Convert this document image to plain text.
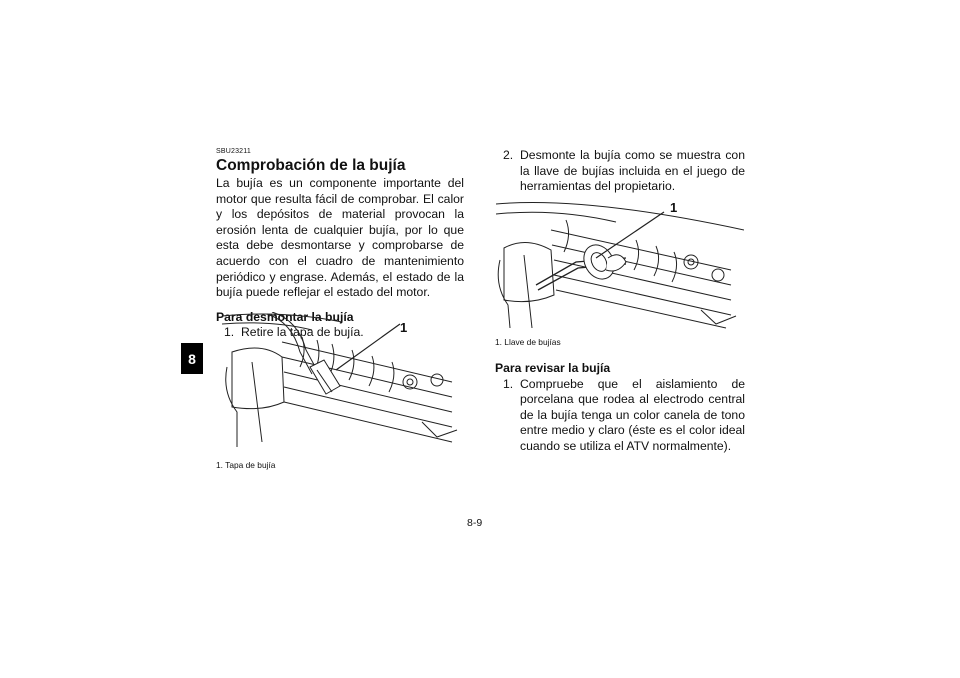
8
SBU23211
Comprobación de la bujía

La bujía es un componente importante del motor que resulta fácil de comprobar. El calor y los depósitos de material provocan la erosión lenta de cualquier bujía, por lo que esta debe desmontarse y comprobarse de acuerdo con el cuadro de mantenimiento periódico y engrase. Además, el estado de la bujía puede reflejar el estado del motor.

Para desmontar la bujía
1. Retire la tapa de bujía.	1
1. Tapa de bujía
2. Desmonte la bujía como se muestra con la llave de bujías incluida en el juego de herramientas del propietario.
1
1. Llave de bujías
Para revisar la bujía
1. Compruebe que el aislamiento de porcelana que rodea al electrodo central de la bujía tenga un color canela de tono entre medio y claro (éste es el color ideal cuando se utiliza el ATV normalmente).
8-9
